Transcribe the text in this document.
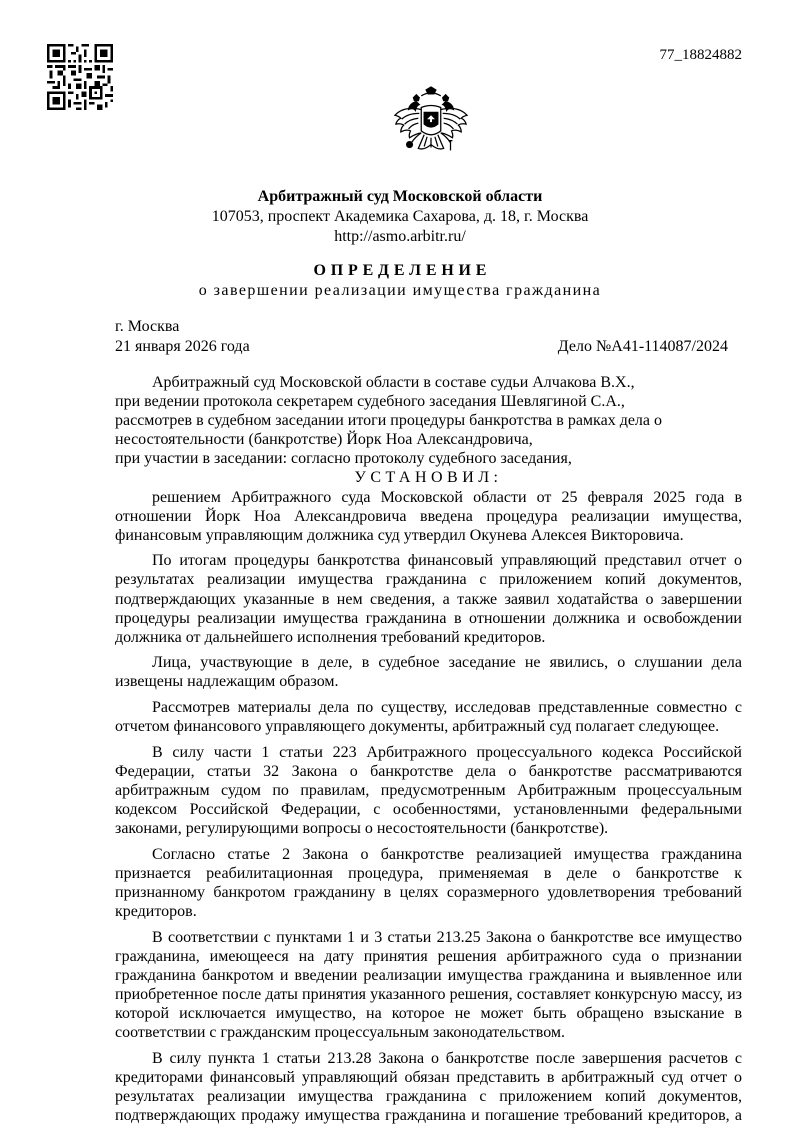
77_18824882
Арбитражный суд Московской области
107053, проспект Академика Сахарова, д. 18, г. Москва
http://asmo.arbitr.ru/
ОПРЕДЕЛЕНИЕ
о завершении реализации имущества гражданина
г. Москва
21 января 2026 года	Дело №А41-114087/2024

Арбитражный суд Московской области в составе судьи Алчакова В.Х.,

при ведении протокола секретарем судебного заседания Шевлягиной С.А.,

рассмотрев в судебном заседании итоги процедуры банкротства в рамках дела о несостоятельности (банкротстве) Йорк Ноа Александровича,

при участии в заседании: согласно протоколу судебного заседания,

УСТАНОВИЛ:

решением Арбитражного суда Московской области от 25 февраля 2025 года в отношении Йорк Ноа Александровича введена процедура реализации имущества, финансовым управляющим должника суд утвердил Окунева Алексея Викторовича.

По итогам процедуры банкротства финансовый управляющий представил отчет о результатах реализации имущества гражданина с приложением копий документов, подтверждающих указанные в нем сведения, а также заявил ходатайства о завершении процедуры реализации имущества гражданина в отношении должника и освобождении должника от дальнейшего исполнения требований кредиторов.

Лица, участвующие в деле, в судебное заседание не явились, о слушании дела извещены надлежащим образом.

Рассмотрев материалы дела по существу, исследовав представленные совместно с отчетом финансового управляющего документы, арбитражный суд полагает следующее.

В силу части 1 статьи 223 Арбитражного процессуального кодекса Российской Федерации, статьи 32 Закона о банкротстве дела о банкротстве рассматриваются арбитражным судом по правилам, предусмотренным Арбитражным процессуальным кодексом Российской Федерации, с особенностями, установленными федеральными законами, регулирующими вопросы о несостоятельности (банкротстве).

Согласно статье 2 Закона о банкротстве реализацией имущества гражданина признается реабилитационная процедура, применяемая в деле о банкротстве к признанному банкротом гражданину в целях соразмерного удовлетворения требований кредиторов.

В соответствии с пунктами 1 и 3 статьи 213.25 Закона о банкротстве все имущество гражданина, имеющееся на дату принятия решения арбитражного суда о признании гражданина банкротом и введении реализации имущества гражданина и выявленное или приобретенное после даты принятия указанного решения, составляет конкурсную массу, из которой исключается имущество, на которое не может быть обращено взыскание в соответствии с гражданским процессуальным законодательством.

В силу пункта 1 статьи 213.28 Закона о банкротстве после завершения расчетов с кредиторами финансовый управляющий обязан представить в арбитражный суд отчет о результатах реализации имущества гражданина с приложением копий документов, подтверждающих продажу имущества гражданина и погашение требований кредиторов, а
